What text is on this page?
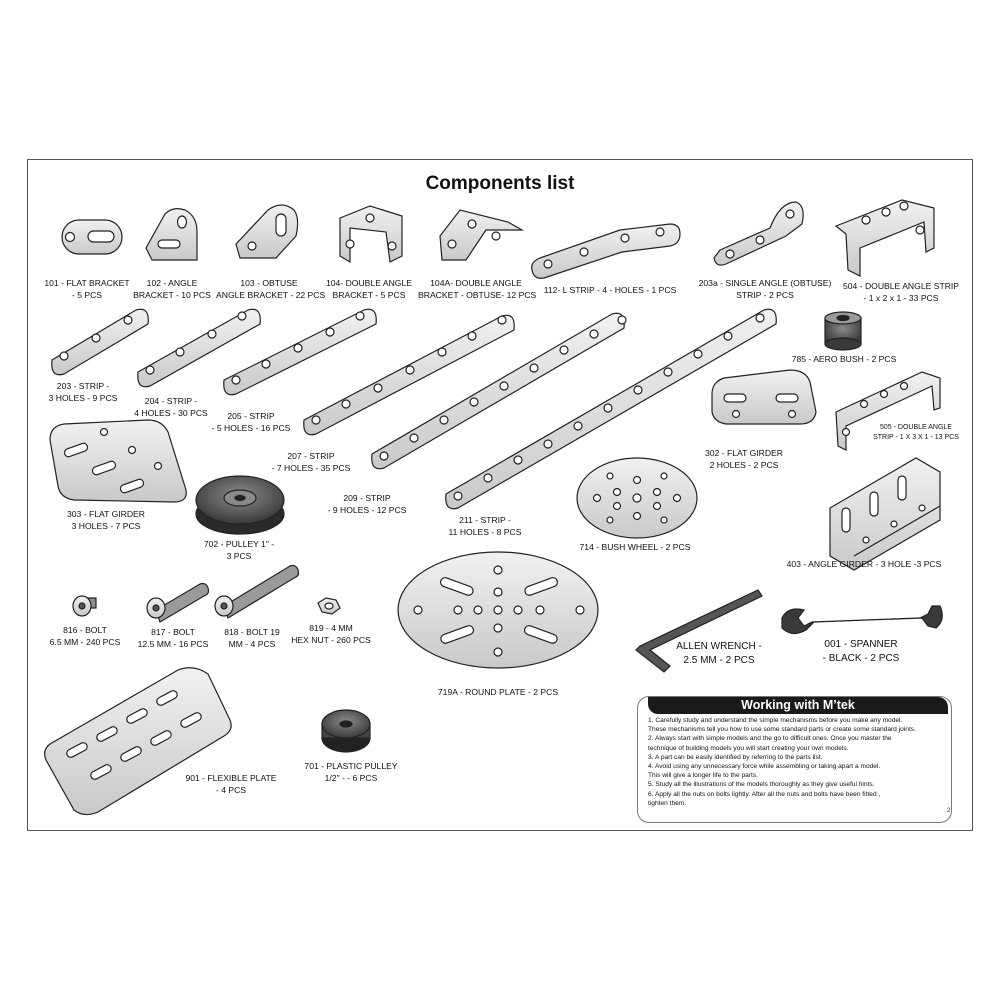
Components list
101 - FLAT BRACKET
- 5 PCS
102 - ANGLE
BRACKET - 10 PCS
103 - OBTUSE
ANGLE BRACKET - 22 PCS
104- DOUBLE ANGLE
BRACKET - 5 PCS
104A- DOUBLE ANGLE
BRACKET - OBTUSE- 12 PCS 112- L STRIP - 4 - HOLES - 1 PCS
203a - SINGLE ANGLE (OBTUSE)
STRIP - 2 PCS
504 - DOUBLE ANGLE STRIP
- 1 x 2 x 1 - 33 PCS
203 - STRIP -
3 HOLES - 9 PCS	204 - STRIP -
4 HOLES - 30 PCS	205 - STRIP
- 5 HOLES - 16 PCS
207 - STRIP
- 7 HOLES - 35 PCS
209 - STRIP
- 9 HOLES - 12 PCS
211 - STRIP -
11 HOLES - 8 PCS
785 - AERO BUSH - 2 PCS
505 - DOUBLE ANGLE
STRIP - 1 X 3 X 1 - 13 PCS
302 - FLAT GIRDER
2 HOLES - 2 PCS
303 - FLAT GIRDER
3 HOLES - 7 PCS
702 - PULLEY 1" -
3 PCS
714 - BUSH WHEEL - 2 PCS
403 - ANGLE GIRDER - 3 HOLE -3 PCS
816 - BOLT
6.5 MM - 240 PCS
817 - BOLT
12.5 MM - 16 PCS
818 - BOLT 19
MM - 4 PCS
819 - 4 MM
HEX NUT - 260 PCS
719A - ROUND PLATE - 2 PCS
ALLEN WRENCH -
2.5 MM - 2 PCS
001 - SPANNER
- BLACK - 2 PCS
901 - FLEXIBLE PLATE
- 4 PCS
701 - PLASTIC PULLEY
1/2" - - 6 PCS
Working with M’tek
1. Carefully study and understand the simple mechanisms before you make any model.
These mechanisms tell you how to use some standard parts or create some standard joints.
2. Always start with simple models and the go to difficult ones. Once you master the
technique of building models you will start creating your own models.
3. A part can be easily identified by referring to the parts list.
4. Avoid using any unnecessary force while assembling or taking apart a model.
This will give a longer life to the parts.
5. Study all the illustrations of the models thoroughly as they give useful hints.
6. Apply all the nuts on bolts lightly. After all the nuts and bolts have been fitted ,
tighten them.
2
